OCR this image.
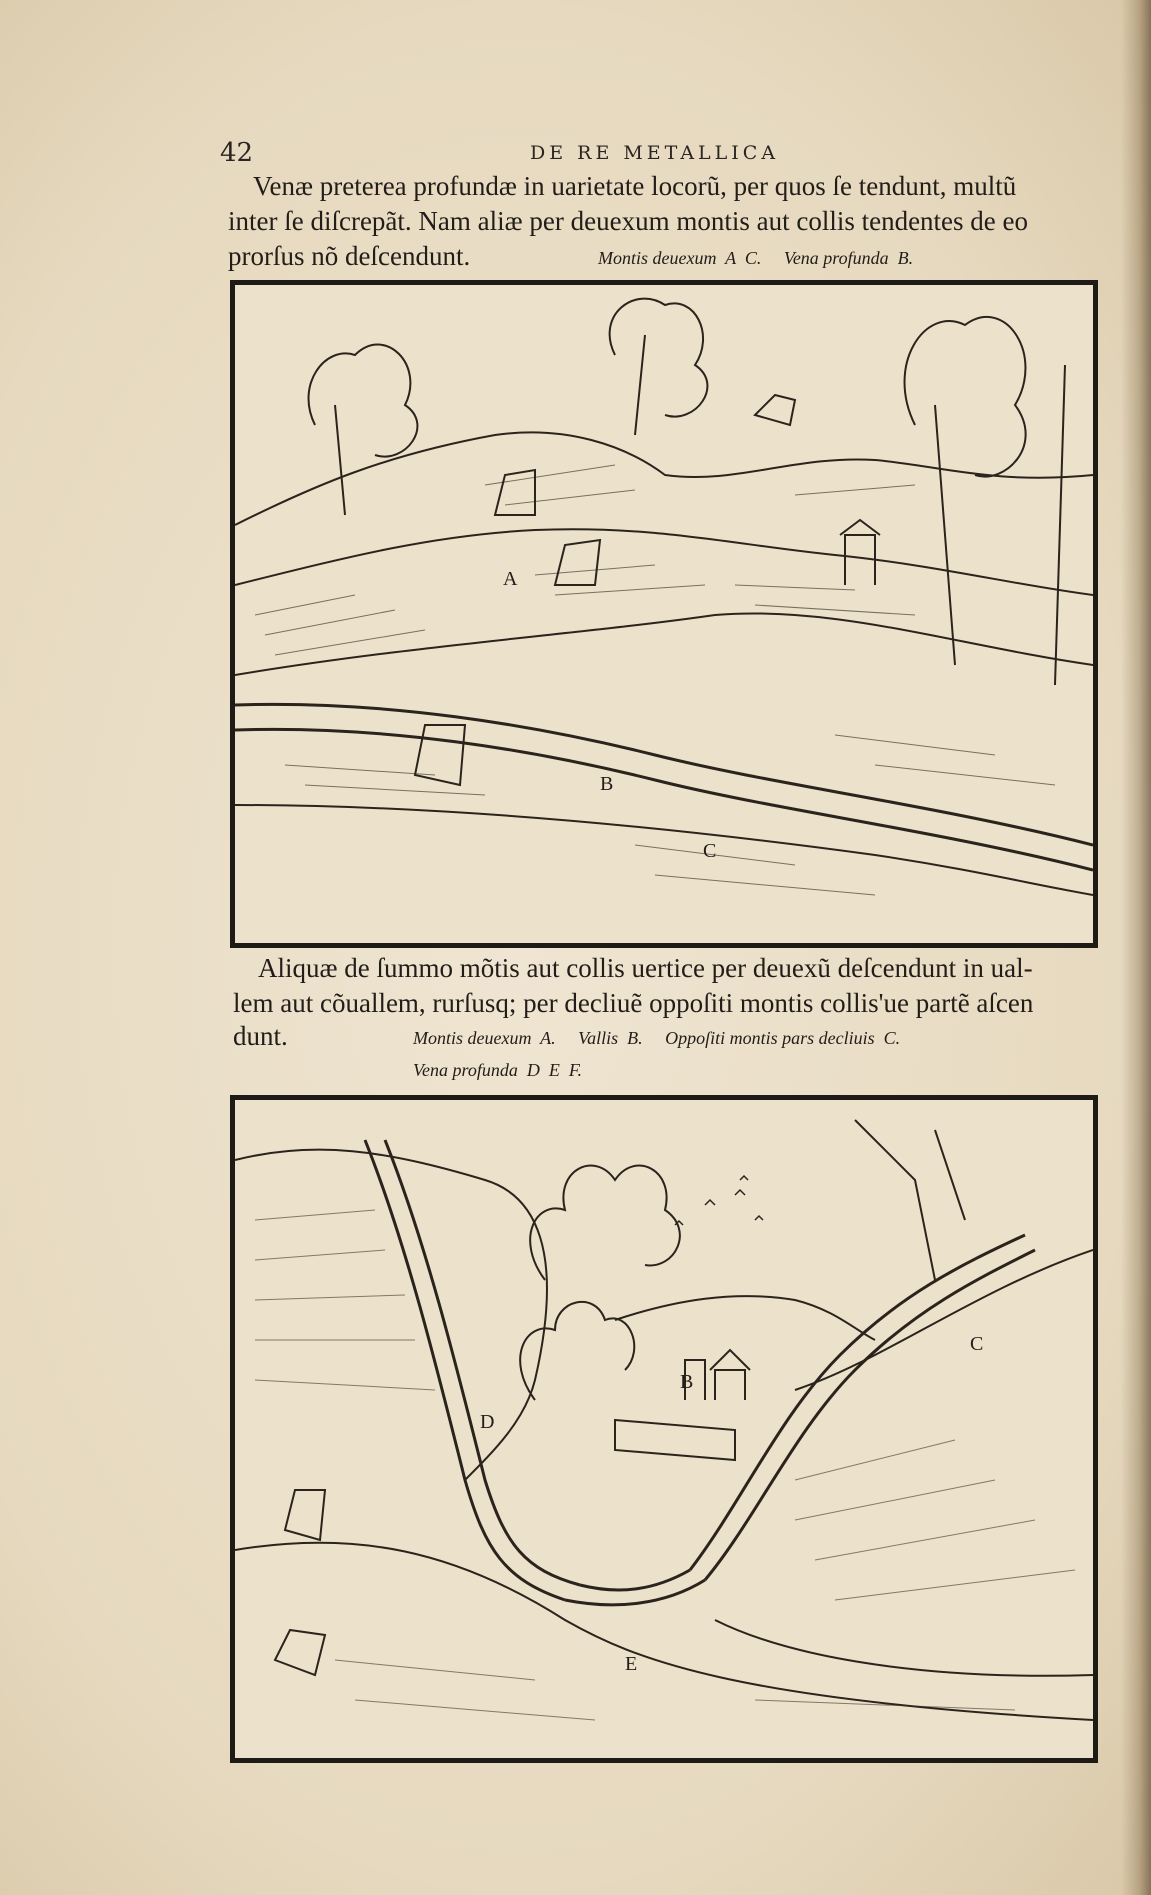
42	DE RE METALLICA
Venæ preterea profundæ in uarietate locorũ, per quos ſe tendunt, multũ
inter ſe diſcrepãt. Nam aliæ per deuexum montis aut collis tendentes de eo
prorſus nõ deſcendunt.	Montis deuexum  A  C.     Vena profunda  B.
A
B
C
Aliquæ de ſummo mõtis aut collis uertice per deuexũ deſcendunt in ual-
lem aut cõuallem, rurſusq; per decliuẽ oppoſiti montis collis'ue partẽ aſcen
dunt.	Montis deuexum  A.     Vallis  B.     Oppoſiti montis pars decliuis  C.
Vena profunda  D  E  F.
B
C
D
E
